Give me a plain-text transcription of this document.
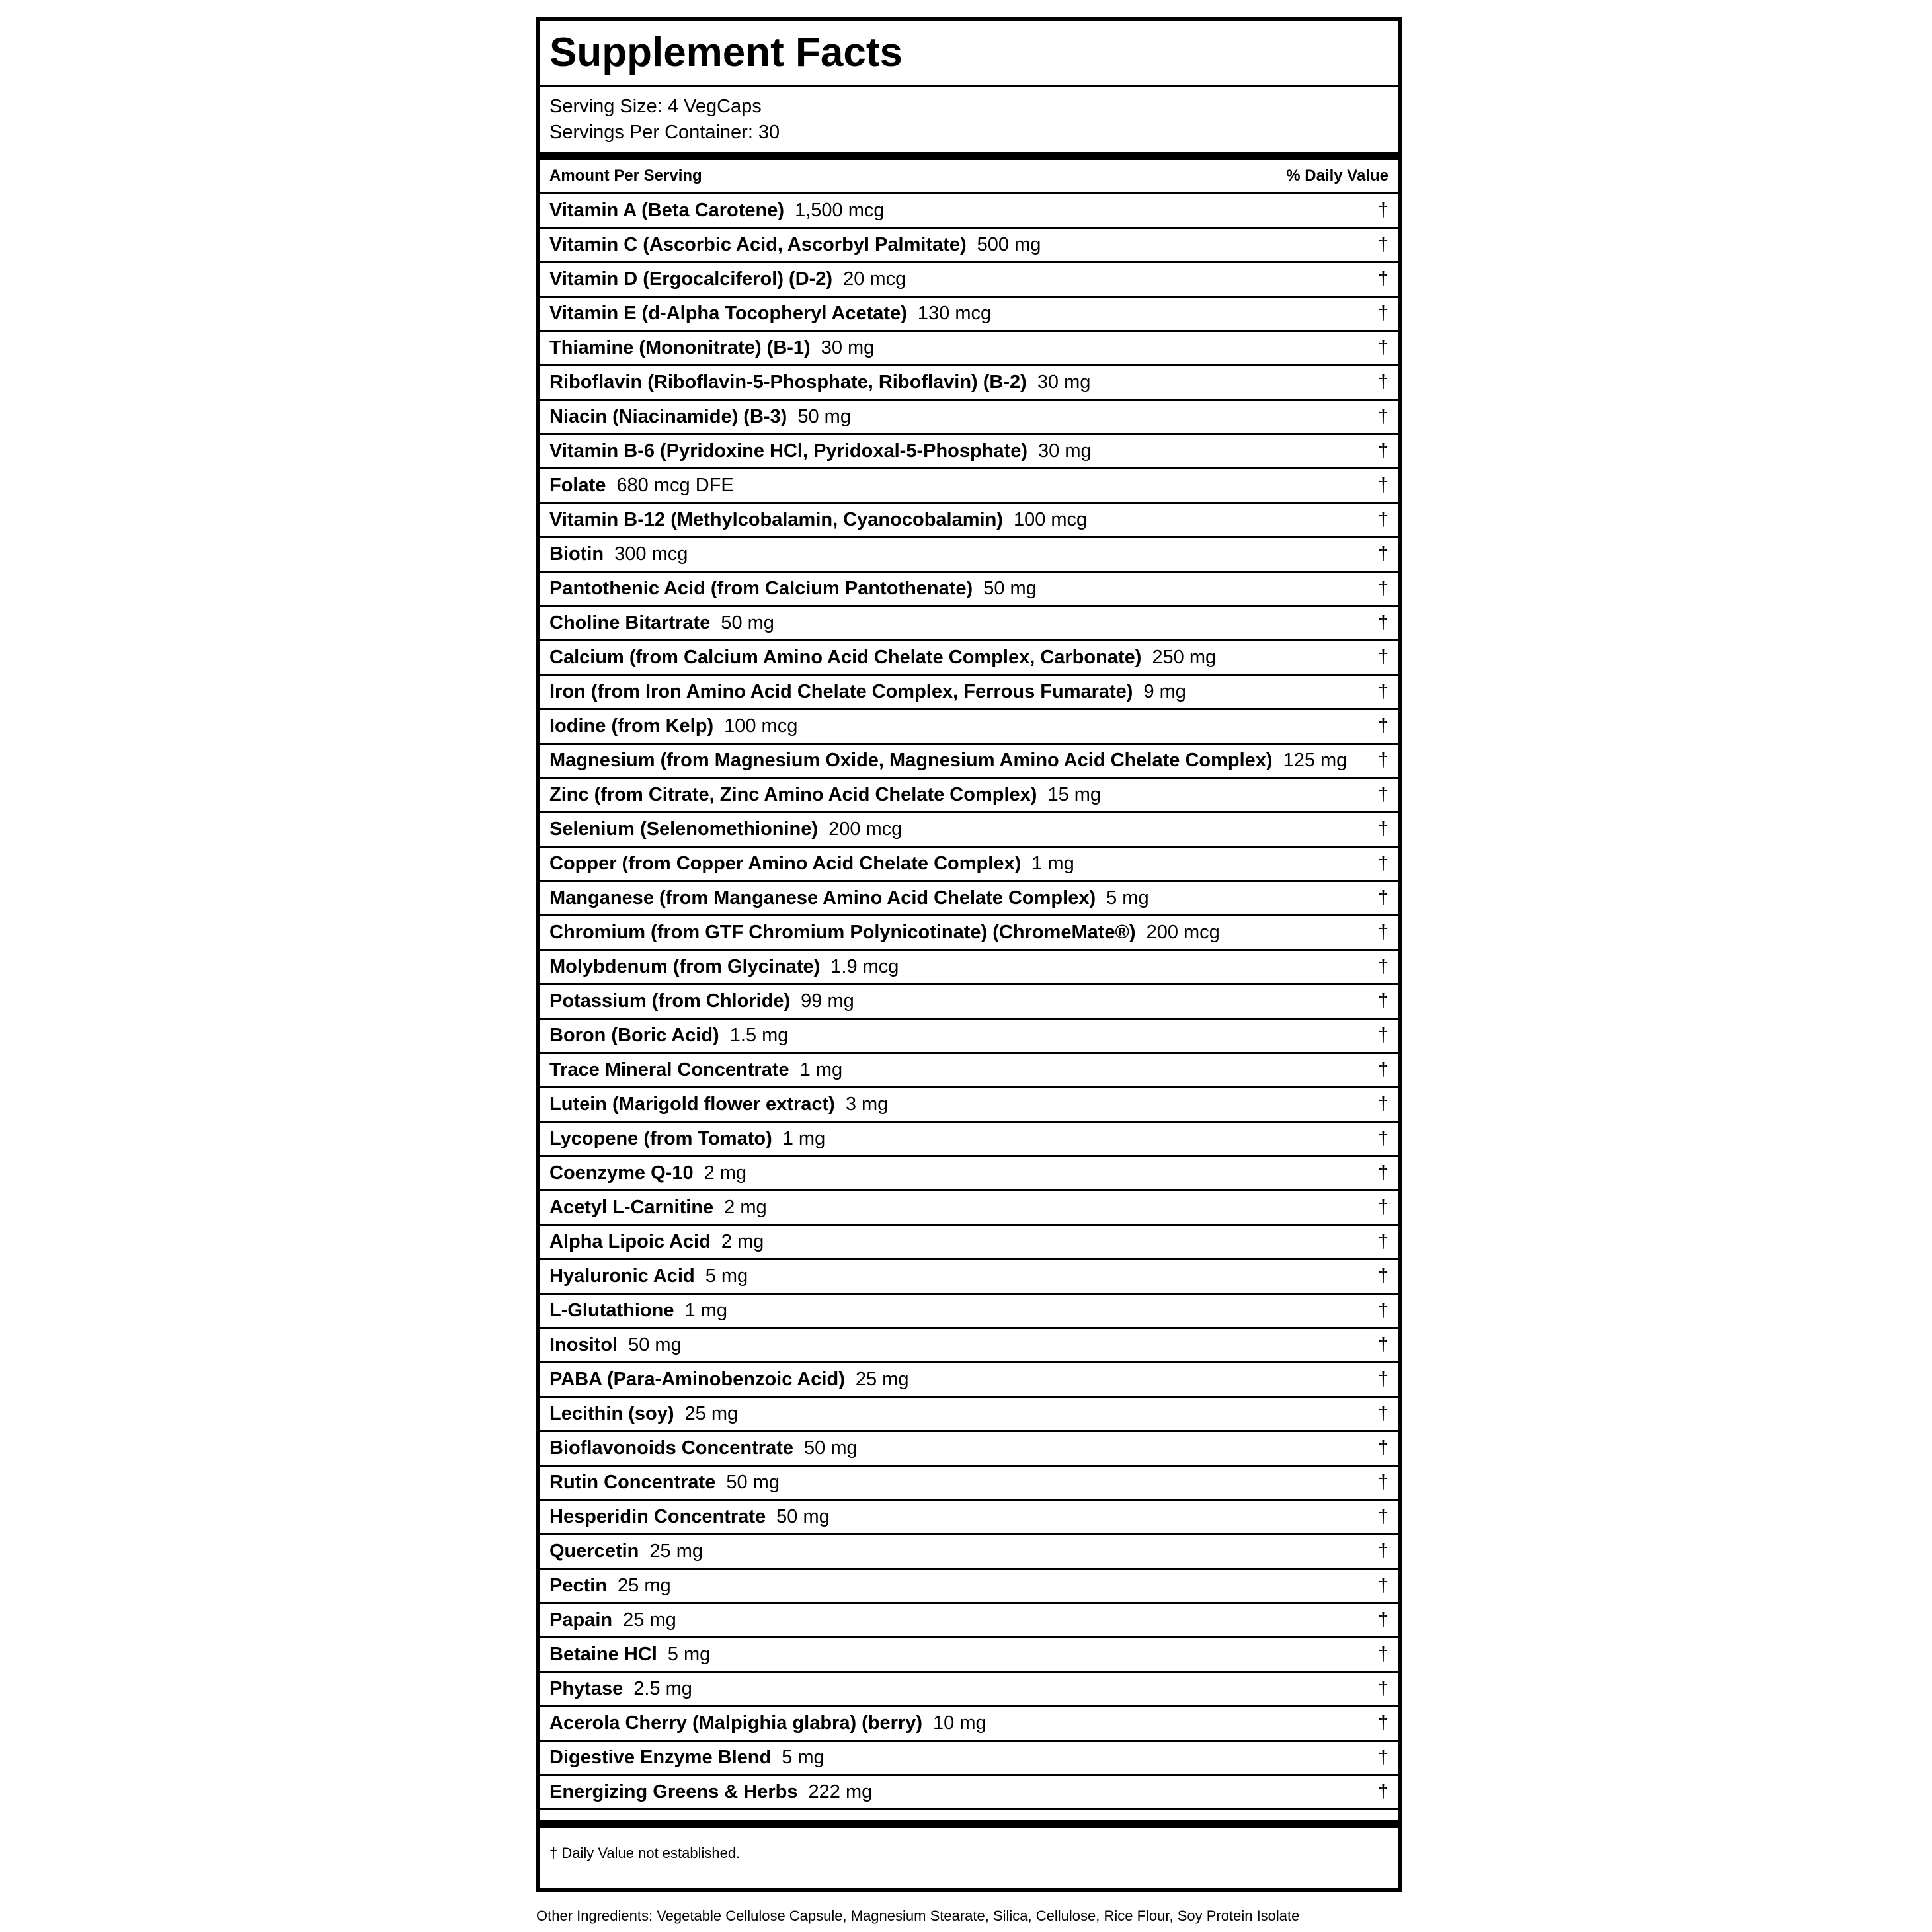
Supplement Facts
Serving Size: 4 VegCaps
Servings Per Container: 30
Amount Per Serving	% Daily Value
Vitamin A (Beta Carotene) 1,500 mcg	†
Vitamin C (Ascorbic Acid, Ascorbyl Palmitate) 500 mg	†
Vitamin D (Ergocalciferol) (D-2) 20 mcg	†
Vitamin E (d-Alpha Tocopheryl Acetate) 130 mcg	†
Thiamine (Mononitrate) (B-1) 30 mg	†
Riboflavin (Riboflavin-5-Phosphate, Riboflavin) (B-2) 30 mg	†
Niacin (Niacinamide) (B-3) 50 mg	†
Vitamin B-6 (Pyridoxine HCl, Pyridoxal-5-Phosphate) 30 mg	†
Folate 680 mcg DFE	†
Vitamin B-12 (Methylcobalamin, Cyanocobalamin) 100 mcg	†
Biotin 300 mcg	†
Pantothenic Acid (from Calcium Pantothenate) 50 mg	†
Choline Bitartrate 50 mg	†
Calcium (from Calcium Amino Acid Chelate Complex, Carbonate) 250 mg	†
Iron (from Iron Amino Acid Chelate Complex, Ferrous Fumarate) 9 mg	†
Iodine (from Kelp) 100 mcg	†
Magnesium (from Magnesium Oxide, Magnesium Amino Acid Chelate Complex) 125 mg †
Zinc (from Citrate, Zinc Amino Acid Chelate Complex) 15 mg	†
Selenium (Selenomethionine) 200 mcg	†
Copper (from Copper Amino Acid Chelate Complex) 1 mg	†
Manganese (from Manganese Amino Acid Chelate Complex) 5 mg	†
Chromium (from GTF Chromium Polynicotinate) (ChromeMate®) 200 mcg	†
Molybdenum (from Glycinate) 1.9 mcg	†
Potassium (from Chloride) 99 mg	†
Boron (Boric Acid) 1.5 mg	†
Trace Mineral Concentrate 1 mg	†
Lutein (Marigold flower extract) 3 mg	†
Lycopene (from Tomato) 1 mg	†
Coenzyme Q-10 2 mg	†
Acetyl L-Carnitine 2 mg	†
Alpha Lipoic Acid 2 mg	†
Hyaluronic Acid 5 mg	†
L-Glutathione 1 mg	†
Inositol 50 mg	†
PABA (Para-Aminobenzoic Acid) 25 mg	†
Lecithin (soy) 25 mg	†
Bioflavonoids Concentrate 50 mg	†
Rutin Concentrate 50 mg	†
Hesperidin Concentrate 50 mg	†
Quercetin 25 mg	†
Pectin 25 mg	†
Papain 25 mg	†
Betaine HCl 5 mg	†
Phytase 2.5 mg	†
Acerola Cherry (Malpighia glabra) (berry) 10 mg	†
Digestive Enzyme Blend 5 mg	†
Energizing Greens & Herbs 222 mg	†
† Daily Value not established.
Other Ingredients: Vegetable Cellulose Capsule, Magnesium Stearate, Silica, Cellulose, Rice Flour, Soy Protein Isolate
